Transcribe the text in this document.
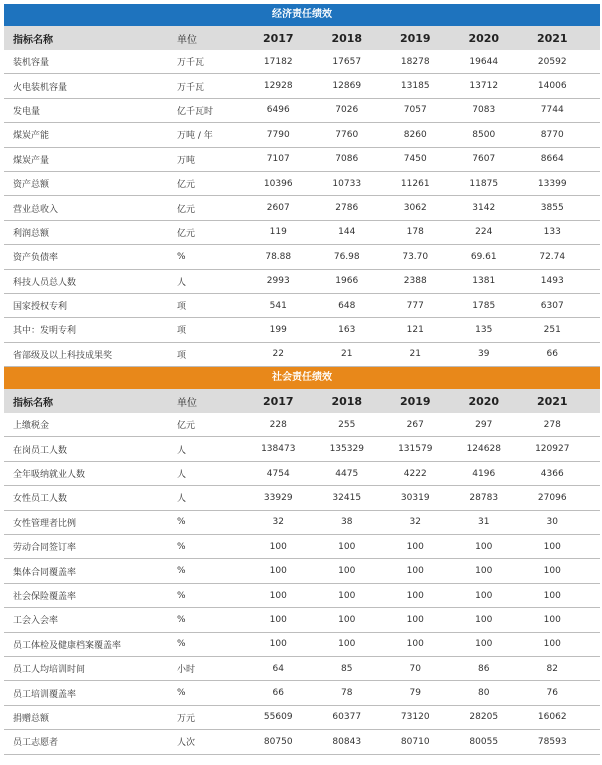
经济责任绩效
指标名称	单位	2017	2018	2019	2020	2021
装机容量	万千瓦	17182	17657	18278	19644	20592
火电装机容量	万千瓦	12928	12869	13185	13712	14006
发电量	亿千瓦时	6496	7026	7057	7083	7744
煤炭产能	万吨 / 年	7790	7760	8260	8500	8770
煤炭产量	万吨	7107	7086	7450	7607	8664
资产总额	亿元	10396	10733	11261	11875	13399
营业总收入	亿元	2607	2786	3062	3142	3855
利润总额	亿元	119	144	178	224	133
资产负债率	%	78.88	76.98	73.70	69.61	72.74
科技人员总人数	人	2993	1966	2388	1381	1493
国家授权专利	项	541	648	777	1785	6307
其中：发明专利	项	199	163	121	135	251
省部级及以上科技成果奖	项	22	21	21	39	66
社会责任绩效
指标名称	单位	2017	2018	2019	2020	2021
上缴税金	亿元	228	255	267	297	278
在岗员工人数	人	138473	135329	131579	124628	120927
全年吸纳就业人数	人	4754	4475	4222	4196	4366
女性员工人数	人	33929	32415	30319	28783	27096
女性管理者比例	%	32	38	32	31	30
劳动合同签订率	%	100	100	100	100	100
集体合同覆盖率	%	100	100	100	100	100
社会保险覆盖率	%	100	100	100	100	100
工会入会率	%	100	100	100	100	100
员工体检及健康档案覆盖率	%	100	100	100	100	100
员工人均培训时间	小时	64	85	70	86	82
员工培训覆盖率	%	66	78	79	80	76
捐赠总额	万元	55609	60377	73120	28205	16062
员工志愿者	人次	80750	80843	80710	80055	78593
